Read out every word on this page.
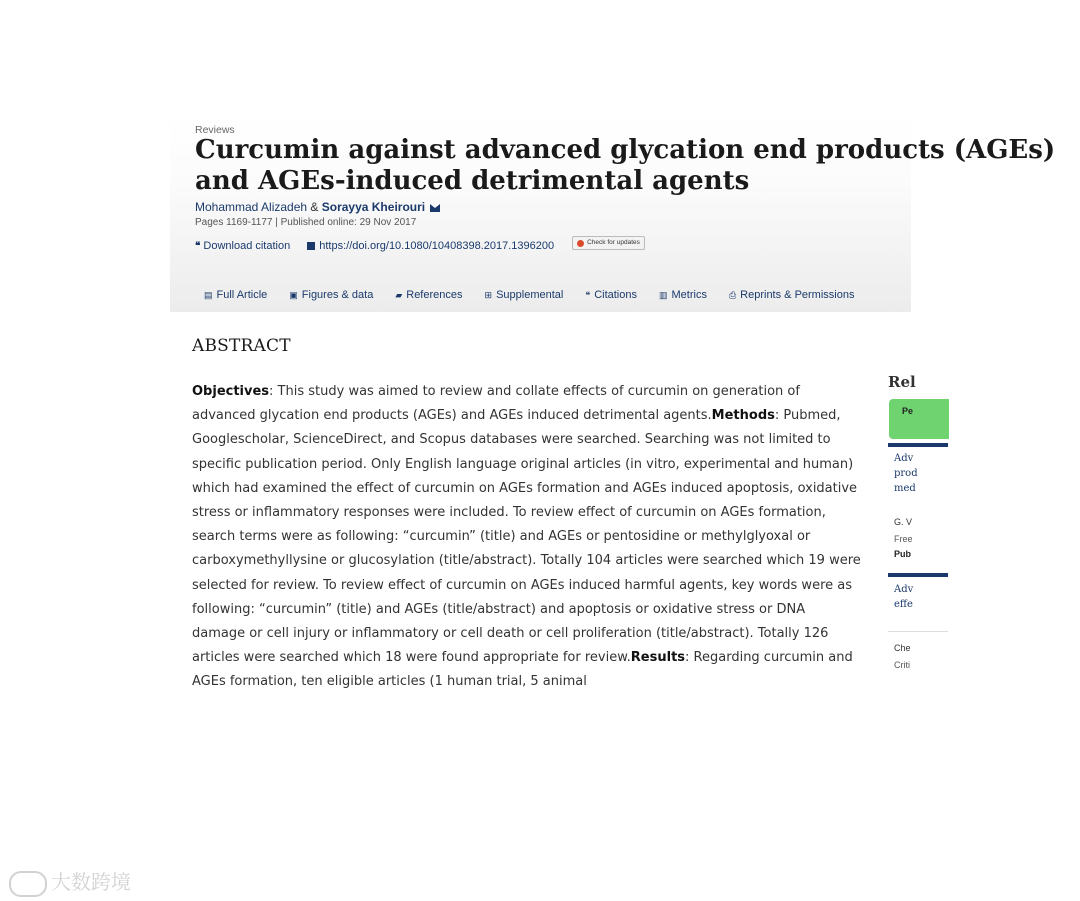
Reviews
Curcumin against advanced glycation end products (AGEs)
and AGEs-induced detrimental agents
Mohammad Alizadeh & Sorayya Kheirouri
Pages 1169-1177 | Published online: 29 Nov 2017
❝ Download citation	https://doi.org/10.1080/10408398.2017.1396200	Check for updates
▤ Full Article ▣ Figures & data ▰ References ⊞ Supplemental ❝ Citations ▥ Metrics ⎙ Reprints & Permissions
ABSTRACT

Objectives: This study was aimed to review and collate effects of curcumin on generation of advanced glycation end products (AGEs) and AGEs induced detrimental agents.Methods: Pubmed, Googlescholar, ScienceDirect, and Scopus databases were searched. Searching was not limited to specific publication period. Only English language original articles (in vitro, experimental and human) which had examined the effect of curcumin on AGEs formation and AGEs induced apoptosis, oxidative stress or inflammatory responses were included. To review effect of curcumin on AGEs formation, search terms were as following: “curcumin” (title) and AGEs or pentosidine or methylglyoxal or carboxymethyllysine or glucosylation (title/abstract). Totally 104 articles were searched which 19 were selected for review. To review effect of curcumin on AGEs induced harmful agents, key words were as following: “curcumin” (title) and AGEs (title/abstract) and apoptosis or oxidative stress or DNA damage or cell injury or inflammatory or cell death or cell proliferation (title/abstract). Totally 126 articles were searched which 18 were found appropriate for review.Results: Regarding curcumin and AGEs formation, ten eligible articles (1 human trial, 5 animal

Rel
Pe
Adv
prod
med
G. V
Free
Pub
Adv
effe
Che
Criti
大数跨境
